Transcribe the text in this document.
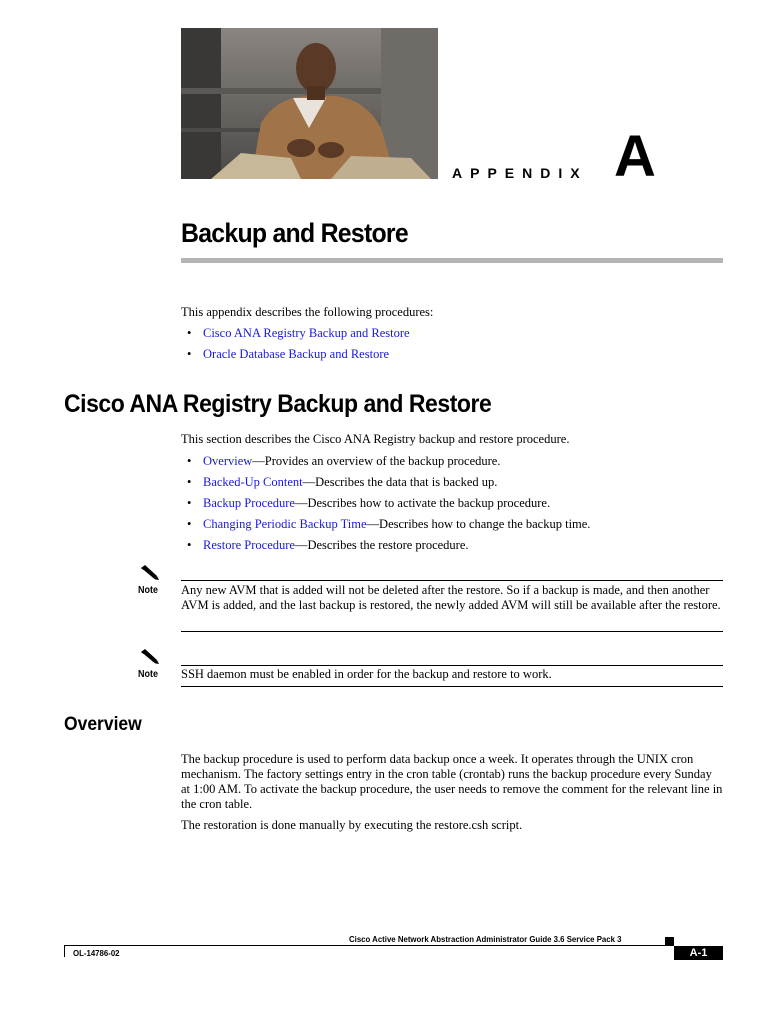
APPENDIX A
Backup and Restore
This appendix describes the following procedures:
• Cisco ANA Registry Backup and Restore
• Oracle Database Backup and Restore
Cisco ANA Registry Backup and Restore
This section describes the Cisco ANA Registry backup and restore procedure.
• Overview—Provides an overview of the backup procedure.
• Backed-Up Content—Describes the data that is backed up.
• Backup Procedure—Describes how to activate the backup procedure.
• Changing Periodic Backup Time—Describes how to change the backup time.
• Restore Procedure—Describes the restore procedure.
Note Any new AVM that is added will not be deleted after the restore. So if a backup is made, and then another AVM is added, and the last backup is restored, the newly added AVM will still be available after the restore.
Note SSH daemon must be enabled in order for the backup and restore to work.
Overview
The backup procedure is used to perform data backup once a week. It operates through the UNIX cron mechanism. The factory settings entry in the cron table (crontab) runs the backup procedure every Sunday at 1:00 AM. To activate the backup procedure, the user needs to remove the comment for the relevant line in the cron table.
The restoration is done manually by executing the restore.csh script.
Cisco Active Network Abstraction Administrator Guide 3.6 Service Pack 3
OL-14786-02	A-1
